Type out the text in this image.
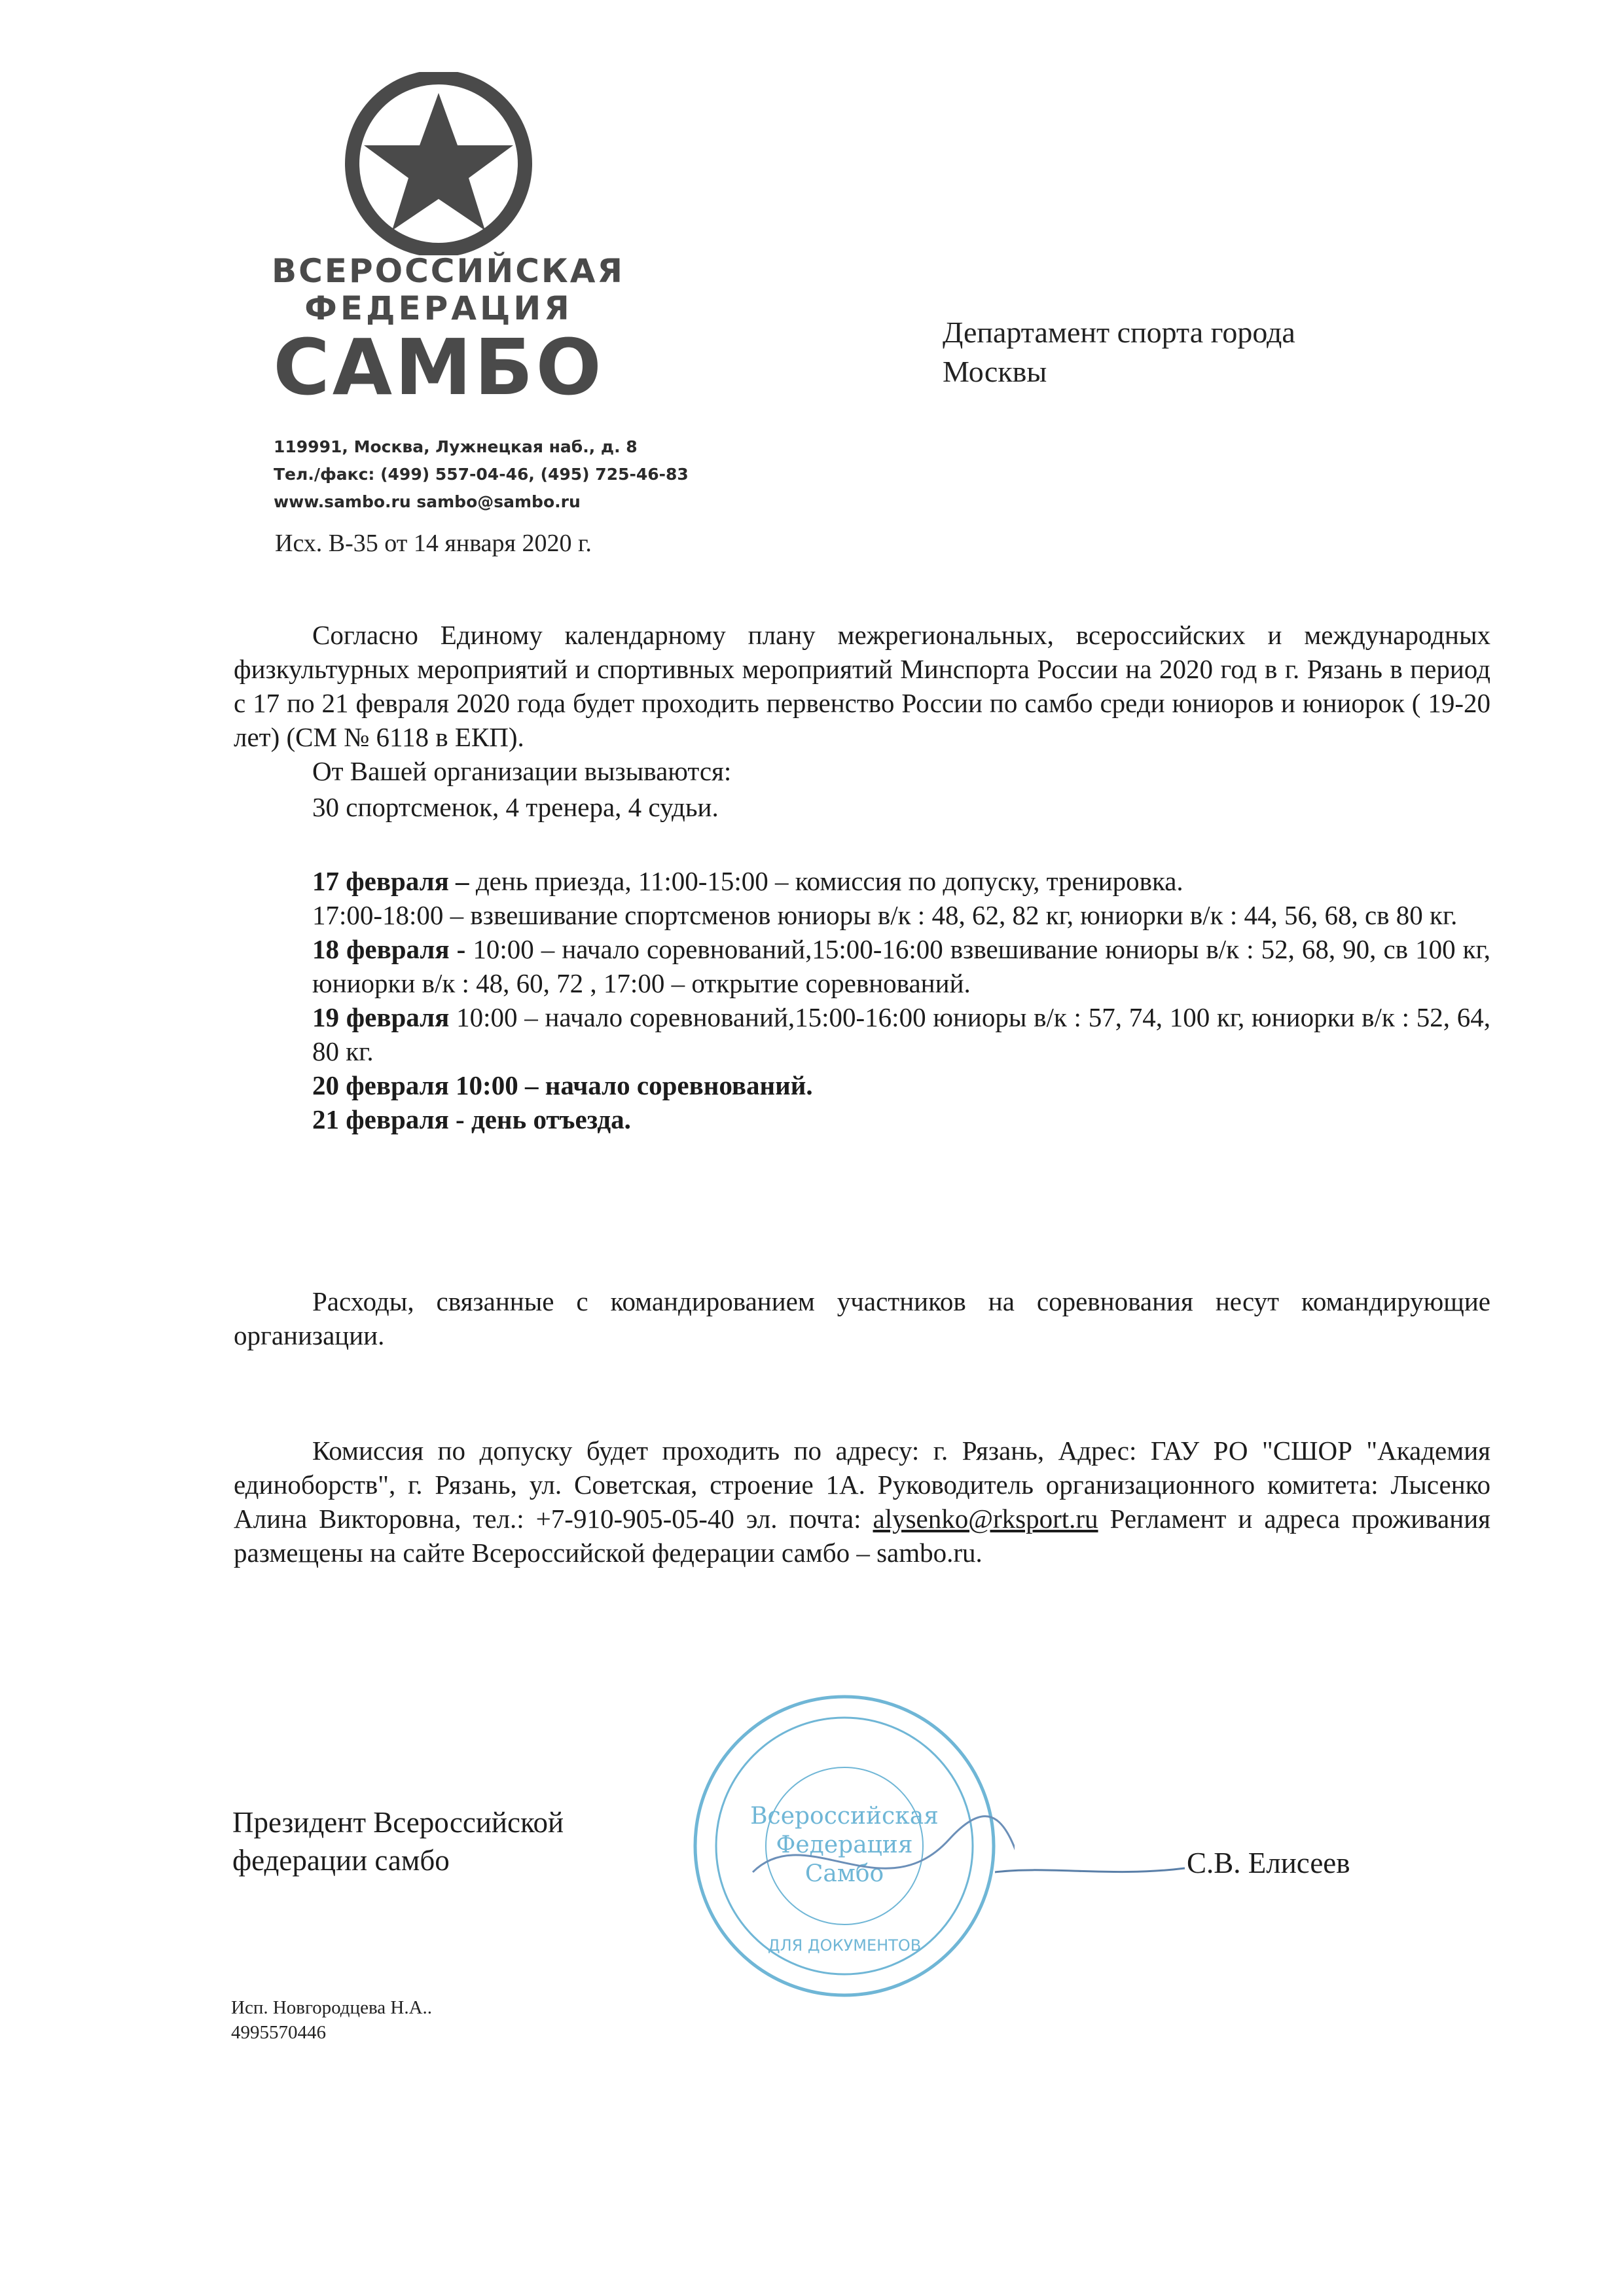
ВСЕРОССИЙСКАЯ
ФЕДЕРАЦИЯ
САМБО
119991, Москва, Лужнецкая наб., д. 8
Тел./факс: (499) 557-04-46, (495) 725-46-83
www.sambo.ru sambo@sambo.ru
Департамент спорта города
Москвы
Исх. В-35 от 14 января 2020 г.

Согласно Единому календарному плану межрегиональных, всероссийских и международных физкультурных мероприятий и спортивных мероприятий Минспорта России на 2020 год в г. Рязань в период с 17 по 21 февраля 2020 года будет проходить первенство России по самбо среди юниоров и юниорок ( 19-20 лет) (СМ № 6118 в ЕКП).

От Вашей организации вызываются:
30 спортсменок, 4 тренера, 4 судьи.

17 февраля – день приезда, 11:00-15:00 – комиссия по допуску, тренировка.

17:00-18:00 – взвешивание спортсменов юниоры в/к : 48, 62, 82 кг, юниорки в/к : 44, 56, 68, св 80 кг.

18 февраля - 10:00 – начало соревнований,15:00-16:00 взвешивание юниоры в/к : 52, 68, 90, св 100 кг, юниорки в/к : 48, 60, 72 , 17:00 – открытие соревнований.

19 февраля 10:00 – начало соревнований,15:00-16:00 юниоры в/к : 57, 74, 100 кг, юниорки в/к : 52, 64, 80 кг.

20 февраля 10:00 – начало соревнований.

21 февраля - день отъезда.

Расходы, связанные с командированием участников на соревнования несут командирующие организации.

Комиссия по допуску будет проходить по адресу: г. Рязань, Адрес: ГАУ РО "СШОР "Академия единоборств", г. Рязань, ул. Советская, строение 1А. Руководитель организационного комитета: Лысенко Алина Викторовна, тел.: +7-910-905-05-40 эл. почта: alysenko@rksport.ru Регламент и адреса проживания размещены на сайте Всероссийской федерации самбо – sambo.ru.

Президент Всероссийской
федерации самбо
Всероссийская
Федерация
Самбо
ДЛЯ ДОКУМЕНТОВ
С.В. Елисеев
Исп. Новгородцева Н.А..
4995570446
